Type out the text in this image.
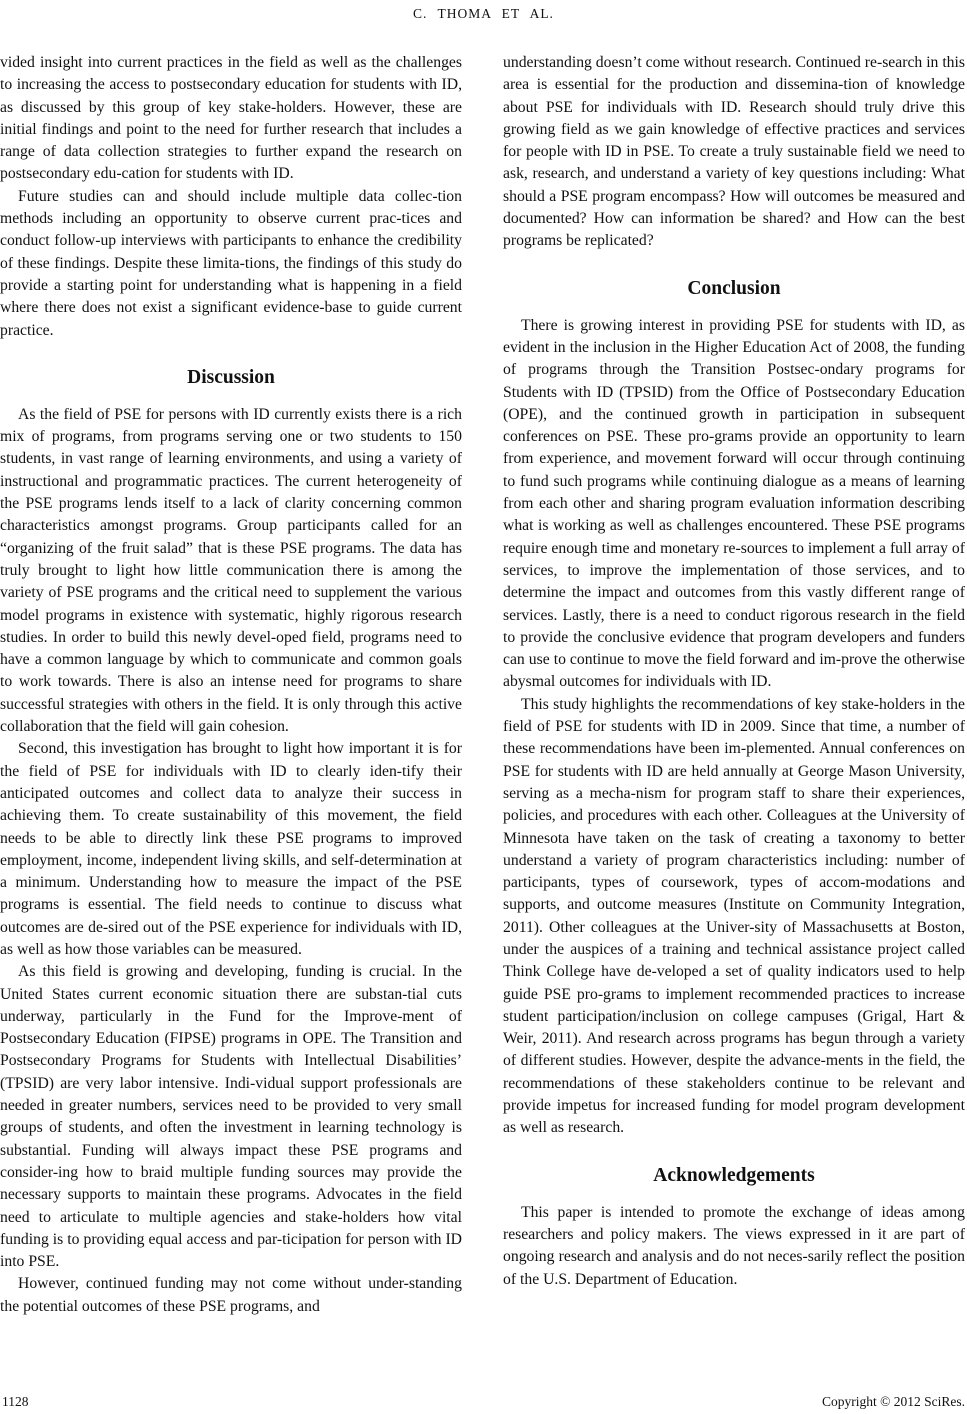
C. THOMA ET AL.

vided insight into current practices in the field as well as the challenges to increasing the access to postsecondary education for students with ID, as discussed by this group of key stake-holders. However, these are initial findings and point to the need for further research that includes a range of data collection strategies to further expand the research on postsecondary edu-cation for students with ID.

Future studies can and should include multiple data collec-tion methods including an opportunity to observe current prac-tices and conduct follow-up interviews with participants to enhance the credibility of these findings. Despite these limita-tions, the findings of this study do provide a starting point for understanding what is happening in a field where there does not exist a significant evidence-base to guide current practice.

Discussion

As the field of PSE for persons with ID currently exists there is a rich mix of programs, from programs serving one or two students to 150 students, in vast range of learning environments, and using a variety of instructional and programmatic practices. The current heterogeneity of the PSE programs lends itself to a lack of clarity concerning common characteristics amongst programs. Group participants called for an “organizing of the fruit salad” that is these PSE programs. The data has truly brought to light how little communication there is among the variety of PSE programs and the critical need to supplement the various model programs in existence with systematic, highly rigorous research studies. In order to build this newly devel-oped field, programs need to have a common language by which to communicate and common goals to work towards. There is also an intense need for programs to share successful strategies with others in the field. It is only through this active collaboration that the field will gain cohesion.

Second, this investigation has brought to light how important it is for the field of PSE for individuals with ID to clearly iden-tify their anticipated outcomes and collect data to analyze their success in achieving them. To create sustainability of this movement, the field needs to be able to directly link these PSE programs to improved employment, income, independent living skills, and self-determination at a minimum. Understanding how to measure the impact of the PSE programs is essential. The field needs to continue to discuss what outcomes are de-sired out of the PSE experience for individuals with ID, as well as how those variables can be measured.

As this field is growing and developing, funding is crucial. In the United States current economic situation there are substan-tial cuts underway, particularly in the Fund for the Improve-ment of Postsecondary Education (FIPSE) programs in OPE. The Transition and Postsecondary Programs for Students with Intellectual Disabilities’ (TPSID) are very labor intensive. Indi-vidual support professionals are needed in greater numbers, services need to be provided to very small groups of students, and often the investment in learning technology is substantial. Funding will always impact these PSE programs and consider-ing how to braid multiple funding sources may provide the necessary supports to maintain these programs. Advocates in the field need to articulate to multiple agencies and stake-holders how vital funding is to providing equal access and par-ticipation for person with ID into PSE.

However, continued funding may not come without under-standing the potential outcomes of these PSE programs, and

understanding doesn’t come without research. Continued re-search in this area is essential for the production and dissemina-tion of knowledge about PSE for individuals with ID. Research should truly drive this growing field as we gain knowledge of effective practices and services for people with ID in PSE. To create a truly sustainable field we need to ask, research, and understand a variety of key questions including: What should a PSE program encompass? How will outcomes be measured and documented? How can information be shared? and How can the best programs be replicated?

Conclusion

There is growing interest in providing PSE for students with ID, as evident in the inclusion in the Higher Education Act of 2008, the funding of programs through the Transition Postsec-ondary programs for Students with ID (TPSID) from the Office of Postsecondary Education (OPE), and the continued growth in participation in subsequent conferences on PSE. These pro-grams provide an opportunity to learn from experience, and movement forward will occur through continuing to fund such programs while continuing dialogue as a means of learning from each other and sharing program evaluation information describing what is working as well as challenges encountered. These PSE programs require enough time and monetary re-sources to implement a full array of services, to improve the implementation of those services, and to determine the impact and outcomes from this vastly different range of services. Lastly, there is a need to conduct rigorous research in the field to provide the conclusive evidence that program developers and funders can use to continue to move the field forward and im-prove the otherwise abysmal outcomes for individuals with ID.

This study highlights the recommendations of key stake-holders in the field of PSE for students with ID in 2009. Since that time, a number of these recommendations have been im-plemented. Annual conferences on PSE for students with ID are held annually at George Mason University, serving as a mecha-nism for program staff to share their experiences, policies, and procedures with each other. Colleagues at the University of Minnesota have taken on the task of creating a taxonomy to better understand a variety of program characteristics including: number of participants, types of coursework, types of accom-modations and supports, and outcome measures (Institute on Community Integration, 2011). Other colleagues at the Univer-sity of Massachusetts at Boston, under the auspices of a training and technical assistance project called Think College have de-veloped a set of quality indicators used to help guide PSE pro-grams to implement recommended practices to increase student participation/inclusion on college campuses (Grigal, Hart & Weir, 2011). And research across programs has begun through a variety of different studies. However, despite the advance-ments in the field, the recommendations of these stakeholders continue to be relevant and provide impetus for increased funding for model program development as well as research.

Acknowledgements

This paper is intended to promote the exchange of ideas among researchers and policy makers. The views expressed in it are part of ongoing research and analysis and do not neces-sarily reflect the position of the U.S. Department of Education.

1128	Copyright © 2012 SciRes.
